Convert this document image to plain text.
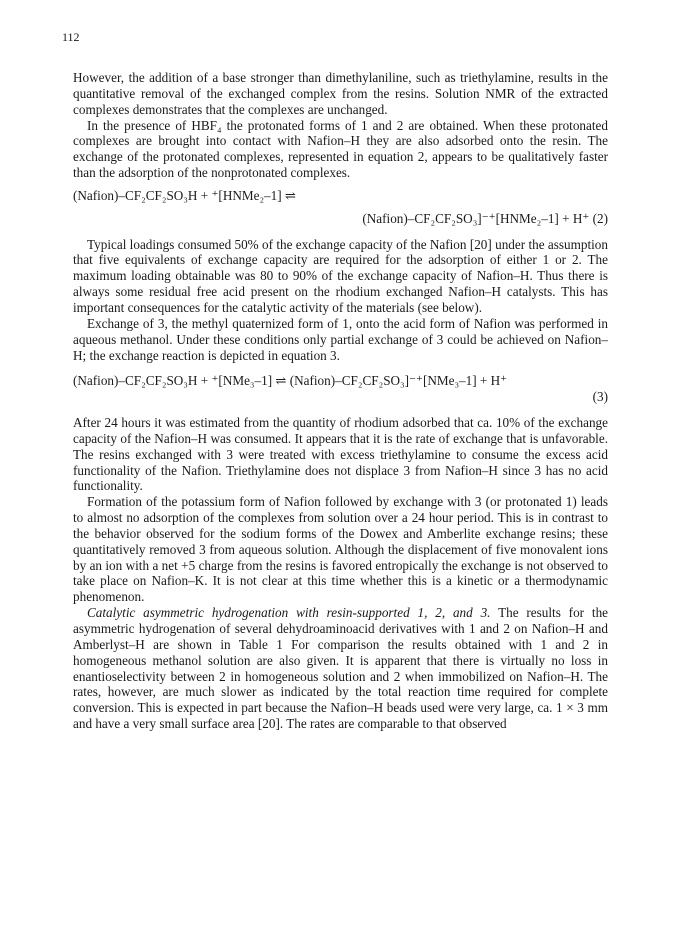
112

However, the addition of a base stronger than dimethylaniline, such as triethylamine, results in the quantitative removal of the exchanged complex from the resins. Solution NMR of the extracted complexes demonstrates that the complexes are unchanged.

In the presence of HBF₄ the protonated forms of 1 and 2 are obtained. When these protonated complexes are brought into contact with Nafion–H they are also adsorbed onto the resin. The exchange of the protonated complexes, represented in equation 2, appears to be qualitatively faster than the adsorption of the nonprotonated complexes.

(Nafion)–CF₂CF₂SO₃H + ⁺[HNMe₂–1] ⇌
(Nafion)–CF₂CF₂SO₃]⁻⁺[HNMe₂–1] + H⁺ (2)

Typical loadings consumed 50% of the exchange capacity of the Nafion [20] under the assumption that five equivalents of exchange capacity are required for the adsorption of either 1 or 2. The maximum loading obtainable was 80 to 90% of the exchange capacity of Nafion–H. Thus there is always some residual free acid present on the rhodium exchanged Nafion–H catalysts. This has important consequences for the catalytic activity of the materials (see below).

Exchange of 3, the methyl quaternized form of 1, onto the acid form of Nafion was performed in aqueous methanol. Under these conditions only partial exchange of 3 could be achieved on Nafion–H; the exchange reaction is depicted in equation 3.

(Nafion)–CF₂CF₂SO₃H + ⁺[NMe₃–1] ⇌ (Nafion)–CF₂CF₂SO₃]⁻⁺[NMe₃–1] + H⁺
(3)

After 24 hours it was estimated from the quantity of rhodium adsorbed that ca. 10% of the exchange capacity of the Nafion–H was consumed. It appears that it is the rate of exchange that is unfavorable. The resins exchanged with 3 were treated with excess triethylamine to consume the excess acid functionality of the Nafion. Triethylamine does not displace 3 from Nafion–H since 3 has no acid functionality.

Formation of the potassium form of Nafion followed by exchange with 3 (or protonated 1) leads to almost no adsorption of the complexes from solution over a 24 hour period. This is in contrast to the behavior observed for the sodium forms of the Dowex and Amberlite exchange resins; these quantitatively removed 3 from aqueous solution. Although the displacement of five monovalent ions by an ion with a net +5 charge from the resins is favored entropically the exchange is not observed to take place on Nafion–K. It is not clear at this time whether this is a kinetic or a thermodynamic phenomenon.

Catalytic asymmetric hydrogenation with resin-supported 1, 2, and 3. The results for the asymmetric hydrogenation of several dehydroaminoacid derivatives with 1 and 2 on Nafion–H and Amberlyst–H are shown in Table 1 For comparison the results obtained with 1 and 2 in homogeneous methanol solution are also given. It is apparent that there is virtually no loss in enantioselectivity between 2 in homogeneous solution and 2 when immobilized on Nafion–H. The rates, however, are much slower as indicated by the total reaction time required for complete conversion. This is expected in part because the Nafion–H beads used were very large, ca. 1 × 3 mm and have a very small surface area [20]. The rates are comparable to that observed
